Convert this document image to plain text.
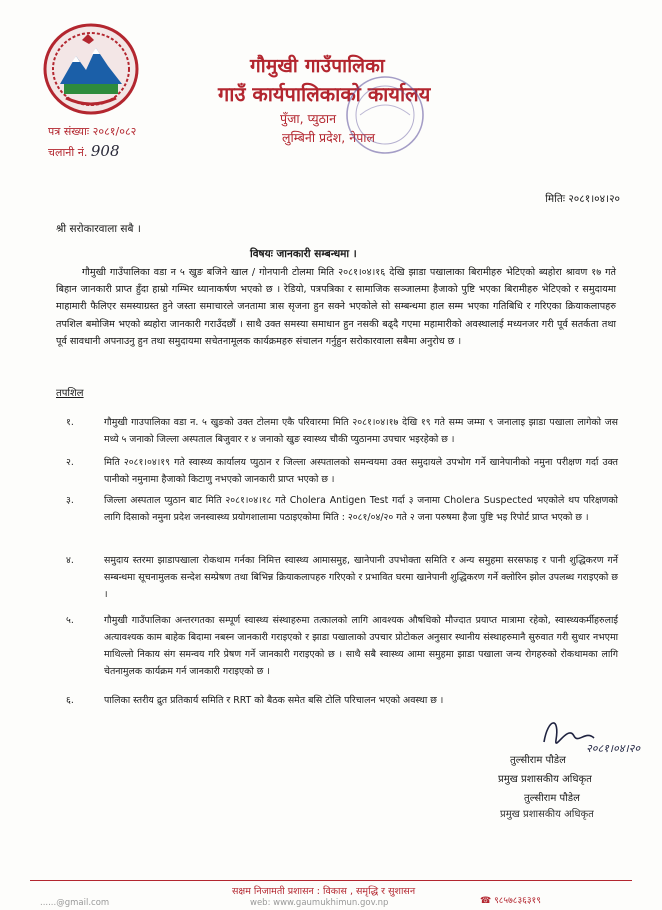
गौमुखी गाउँपालिका
गाउँ कार्यपालिकाको कार्यालय
पुँजा, प्युठान
लुम्बिनी प्रदेश, नेपाल
पत्र संख्याः २०८१/०८२
चलानी नं. 908
मितिः २०८१।०४।२०
श्री सरोकारवाला सबै ।
विषयः जानकारी सम्बन्धमा ।
गौमुखी गाउँपालिका वडा न ५ खुङ बजिने खाल / गोनपानी टोलमा मिति २०८१।०४।१६ देखि झाडा पखालाका बिरामीहरु भेटिएको ब्यहोरा श्रावण १७ गते बिहान जानकारी प्राप्त हुँदा हाम्रो गम्भिर ध्यानाकर्षण भएको छ । रेडियो, पत्रपत्रिका र सामाजिक सञ्जालमा हैजाको पुष्टि भएका बिरामीहरु भेटिएको र समुदायमा माहामारी फैलिएर समस्याग्रस्त हुने जस्ता समाचारले जनतामा त्रास सृजना हुन सक्ने भएकोले सो सम्बन्धमा हाल सम्म भएका गतिबिधि र गरिएका क्रियाकलापहरु तपशिल बमोजिम भएको ब्यहोरा जानकारी गराउँदछौं । साथै उक्त समस्या समाधान हुन नसकी बढ्दै गएमा महामारीको अवस्थालाई मध्यनजर गरी पूर्व सतर्कता तथा पूर्व सावधानी अपनाउनु हुन तथा समुदायमा सचेतनामूलक कार्यक्रमहरु संचालन गर्नुहुन सरोकारवाला सबैमा अनुरोध छ ।
तपशिल
१.	गौमुखी गाउपालिका वडा न. ५ खुङको उक्त टोलमा एकै परिवारमा मिति २०८१।०४।१७ देखि १९ गते सम्म जम्मा ९ जनालाइ झाडा पखाला लागेको जस मध्ये ५ जनाको जिल्ला अस्पताल बिजुवार र ४ जनाको खुङ स्वास्थ्य चौकी प्युठानमा उपचार भइरहेको छ ।
२.	मिति २०८१।०४।१९ गते स्वास्थ्य कार्यालय प्युठान र जिल्ला अस्पतालको समन्वयमा उक्त समुदायले उपभोग गर्ने खानेपानीको नमुना परीक्षण गर्दा उक्त पानीको नमुनामा हैजाको किटाणु नभएको जानकारी प्राप्त भएको छ ।
३.	जिल्ला अस्पताल प्युठान बाट मिति २०८१।०४।१८ गते Cholera Antigen Test गर्दा ३ जनामा Cholera Suspected भएकोले थप परिक्षणको लागि दिसाको नमुना प्रदेश जनस्वास्थ्य प्रयोगशालामा पठाइएकोमा मिति : २०८१/०४/२० गते २ जना परुषमा हैजा पुष्टि भइ रिपोर्ट प्राप्त भएको छ ।
४.	समुदाय स्तरमा झाडापखाला रोकथाम गर्नका निमित्त स्वास्थ्य आमासमुह, खानेपानी उपभोक्ता समिति र अन्य समुहमा सरसफाइ र पानी शुद्धिकरण गर्ने सम्बन्धमा सूचनामुलक सन्देश सम्प्रेषण तथा बिभिन्न क्रियाकलापहरु गरिएको र प्रभावित घरमा खानेपानी शुद्धिकरण गर्ने क्लोरिन झोल उपलब्ध गराइएको छ ।
५.	गौमुखी गाउँपालिका अन्तरगतका सम्पूर्ण स्वास्थ्य संस्थाहरुमा तत्कालको लागि आवश्यक औषधिको मौज्दात प्रयाप्त मात्रामा रहेको, स्वास्थ्यकर्मीहरुलाई अत्यावश्यक काम बाहेक बिदामा नबस्न जानकारी गराइएको र झाडा पखालाको उपचार प्रोटोकल अनुसार स्थानीय संस्थाहरुमानै सुरुवात गरी सुधार नभएमा माथिल्लो निकाय संग समन्वय गरि प्रेषण गर्ने जानकारी गराइएको छ । साथै सबै स्वास्थ्य आमा समुहमा झाडा पखाला जन्य रोगहरुको रोकथामका लागि चेतनामुलक कार्यक्रम गर्न जानकारी गराइएको छ ।
६.	पालिका स्तरीय द्रुत प्रतिकार्य समिति र RRT को बैठक समेत बसि टोलि परिचालन भएको अवस्था छ ।
२०८१।०४।२०
तुल्सीराम पौडेल
प्रमुख प्रशासकीय अधिकृत
तुल्सीराम पौडेल
प्रमुख प्रशासकीय अधिकृत
सक्षम निजामती प्रशासन : विकास , समृद्धि र सुशासन
......@gmail.com	web: www.gaumukhimun.gov.np	☎ ९८५७८३६३१९
